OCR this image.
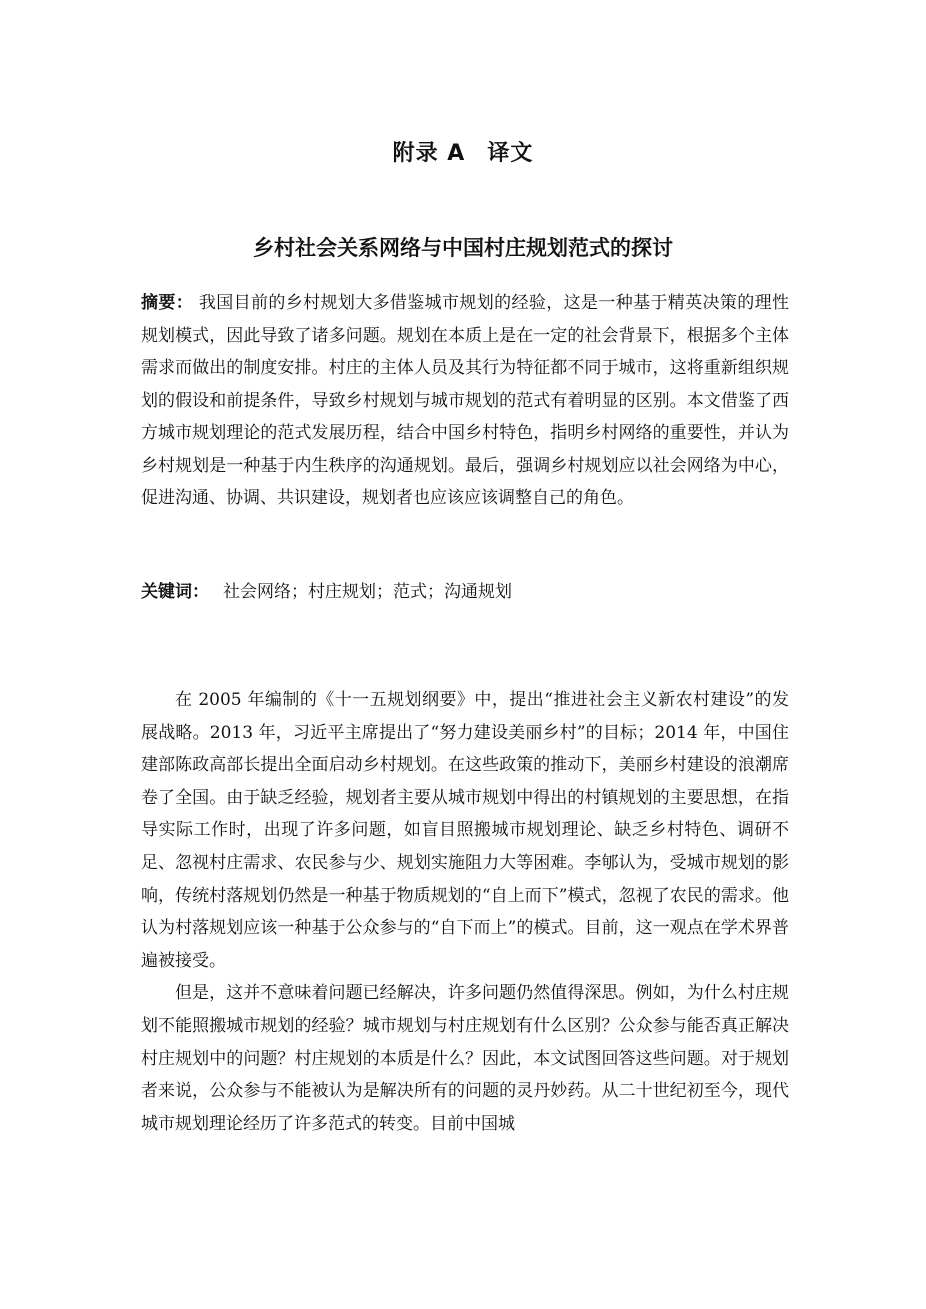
附录 A 译文
乡村社会关系网络与中国村庄规划范式的探讨

摘要： 我国目前的乡村规划大多借鉴城市规划的经验，这是一种基于精英决策的理性规划模式，因此导致了诸多问题。规划在本质上是在一定的社会背景下，根据多个主体需求而做出的制度安排。村庄的主体人员及其行为特征都不同于城市，这将重新组织规划的假设和前提条件，导致乡村规划与城市规划的范式有着明显的区别。本文借鉴了西方城市规划理论的范式发展历程，结合中国乡村特色，指明乡村网络的重要性，并认为乡村规划是一种基于内生秩序的沟通规划。最后，强调乡村规划应以社会网络为中心，促进沟通、协调、共识建设，规划者也应该应该调整自己的角色。

关键词： 社会网络；村庄规划；范式；沟通规划

在 2005 年编制的《十一五规划纲要》中，提出“推进社会主义新农村建设”的发展战略。2013 年，习近平主席提出了“努力建设美丽乡村”的目标；2014 年，中国住建部陈政高部长提出全面启动乡村规划。在这些政策的推动下，美丽乡村建设的浪潮席卷了全国。由于缺乏经验，规划者主要从城市规划中得出的村镇规划的主要思想，在指导实际工作时，出现了许多问题，如盲目照搬城市规划理论、缺乏乡村特色、调研不足、忽视村庄需求、农民参与少、规划实施阻力大等困难。李郇认为，受城市规划的影响，传统村落规划仍然是一种基于物质规划的“自上而下”模式，忽视了农民的需求。他认为村落规划应该一种基于公众参与的“自下而上”的模式。目前，这一观点在学术界普遍被接受。

但是，这并不意味着问题已经解决，许多问题仍然值得深思。例如，为什么村庄规划不能照搬城市规划的经验？城市规划与村庄规划有什么区别？公众参与能否真正解决村庄规划中的问题？村庄规划的本质是什么？因此，本文试图回答这些问题。对于规划者来说，公众参与不能被认为是解决所有的问题的灵丹妙药。从二十世纪初至今，现代城市规划理论经历了许多范式的转变。目前中国城
